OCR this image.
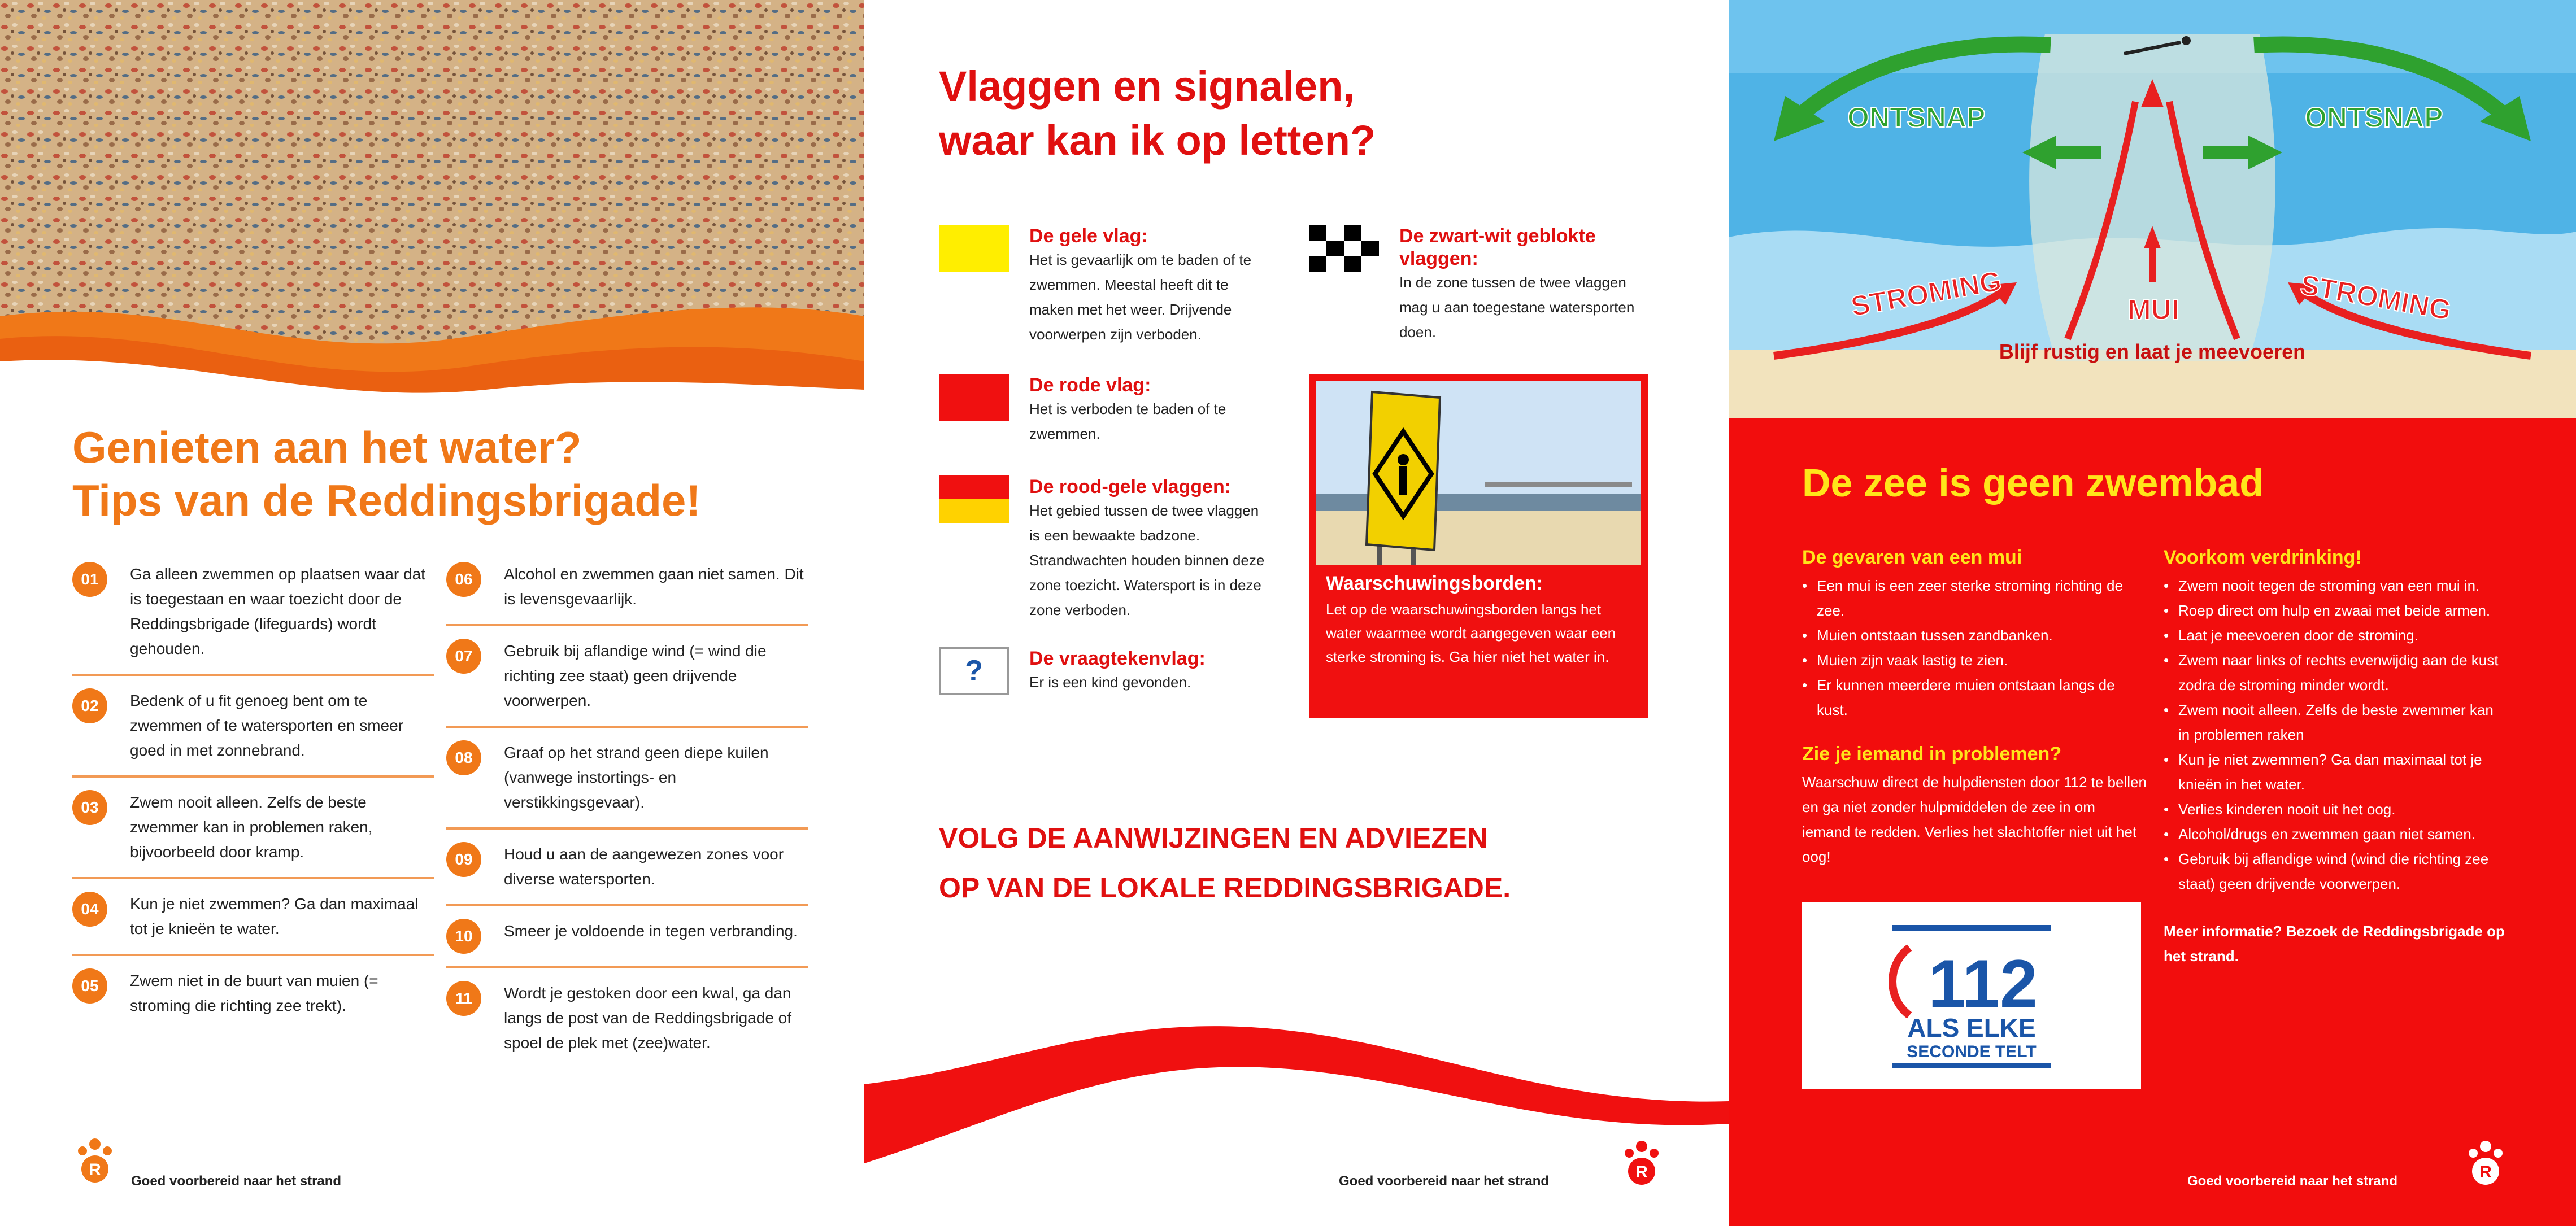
Genieten aan het water?
Tips van de Reddingsbrigade!
01	Ga alleen zwemmen op plaatsen waar dat is toegestaan en waar toezicht door de Reddingsbrigade (lifeguards) wordt gehouden.
02	Bedenk of u fit genoeg bent om te zwemmen of te watersporten en smeer goed in met zonnebrand.
03	Zwem nooit alleen. Zelfs de beste zwemmer kan in problemen raken, bijvoorbeeld door kramp.
04	Kun je niet zwemmen? Ga dan maximaal tot je knieën te water.
05	Zwem niet in de buurt van muien (= stroming die richting zee trekt).
06	Alcohol en zwemmen gaan niet samen. Dit is levensgevaarlijk.
07	Gebruik bij aflandige wind (= wind die richting zee staat) geen drijvende voorwerpen.
08	Graaf op het strand geen diepe kuilen (vanwege instortings- en verstikkingsgevaar).
09	Houd u aan de aangewezen zones voor diverse watersporten.
10	Smeer je voldoende in tegen verbranding.
11	Wordt je gestoken door een kwal, ga dan langs de post van de Reddingsbrigade of spoel de plek met (zee)water.
R
Goed voorbereid naar het strand
Vlaggen en signalen,
waar kan ik op letten?
De gele vlag:
Het is gevaarlijk om te baden of te zwemmen. Meestal heeft dit te maken met het weer. Drijvende voorwerpen zijn verboden.
De rode vlag:
Het is verboden te baden of te zwemmen.
De rood-gele vlaggen:
Het gebied tussen de twee vlaggen is een bewaakte badzone. Strandwachten houden binnen deze zone toezicht. Watersport is in deze zone verboden.
?	De vraagtekenvlag:
Er is een kind gevonden.
De zwart-wit geblokte vlaggen:
In de zone tussen de twee vlaggen mag u aan toegestane watersporten doen.
Waarschuwingsborden:
Let op de waarschuwingsborden langs het water waarmee wordt aangegeven waar een sterke stroming is. Ga hier niet het water in.
VOLG DE AANWIJZINGEN EN ADVIEZEN
OP VAN DE LOKALE REDDINGSBRIGADE.
Goed voorbereid naar het strand	R
ONTSNAP	ONTSNAP
STROMING	STROMING
MUI
Blijf rustig en laat je meevoeren
De zee is geen zwembad
De gevaren van een mui
• Een mui is een zeer sterke stroming richting de zee.
• Muien ontstaan tussen zandbanken.
• Muien zijn vaak lastig te zien.
• Er kunnen meerdere muien ontstaan langs de kust.
Zie je iemand in problemen?
Waarschuw direct de hulpdiensten door 112 te bellen en ga niet zonder hulpmiddelen de zee in om iemand te redden. Verlies het slachtoffer niet uit het oog!
112
ALS ELKE
SECONDE TELT
Voorkom verdrinking!
• Zwem nooit tegen de stroming van een mui in.
• Roep direct om hulp en zwaai met beide armen.
• Laat je meevoeren door de stroming.
• Zwem naar links of rechts evenwijdig aan de kust zodra de stroming minder wordt.
• Zwem nooit alleen. Zelfs de beste zwemmer kan in problemen raken
• Kun je niet zwemmen? Ga dan maximaal tot je knieën in het water.
• Verlies kinderen nooit uit het oog.
• Alcohol/drugs en zwemmen gaan niet samen.
• Gebruik bij aflandige wind (wind die richting zee staat) geen drijvende voorwerpen.
Meer informatie? Bezoek de Reddingsbrigade op het strand.
Goed voorbereid naar het strand	R
